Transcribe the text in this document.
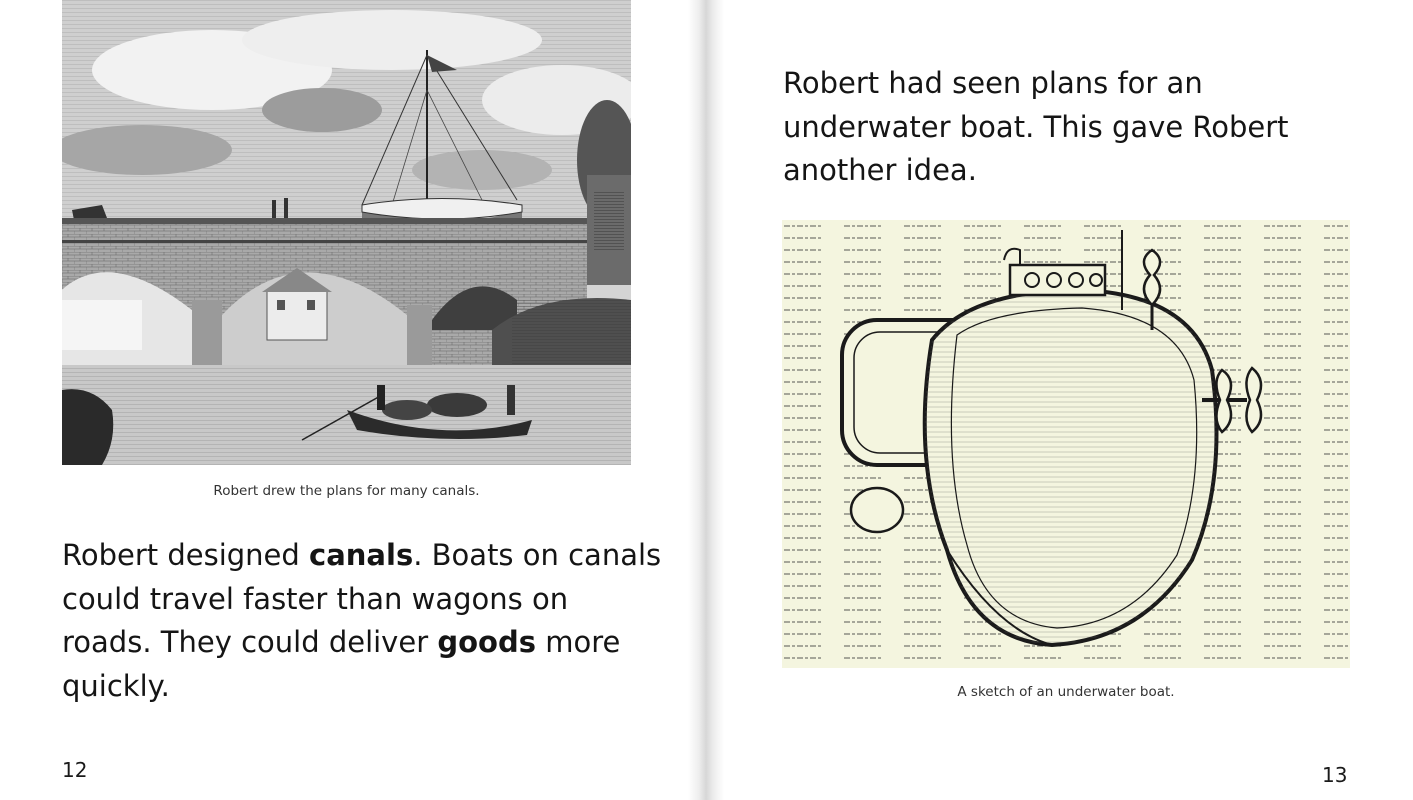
Robert drew the plans for many canals.
Robert designed canals. Boats on canals could travel faster than wagons on roads. They could deliver goods more quickly.
12
Robert had seen plans for an underwater boat. This gave Robert another idea.
A sketch of an underwater boat.
13
